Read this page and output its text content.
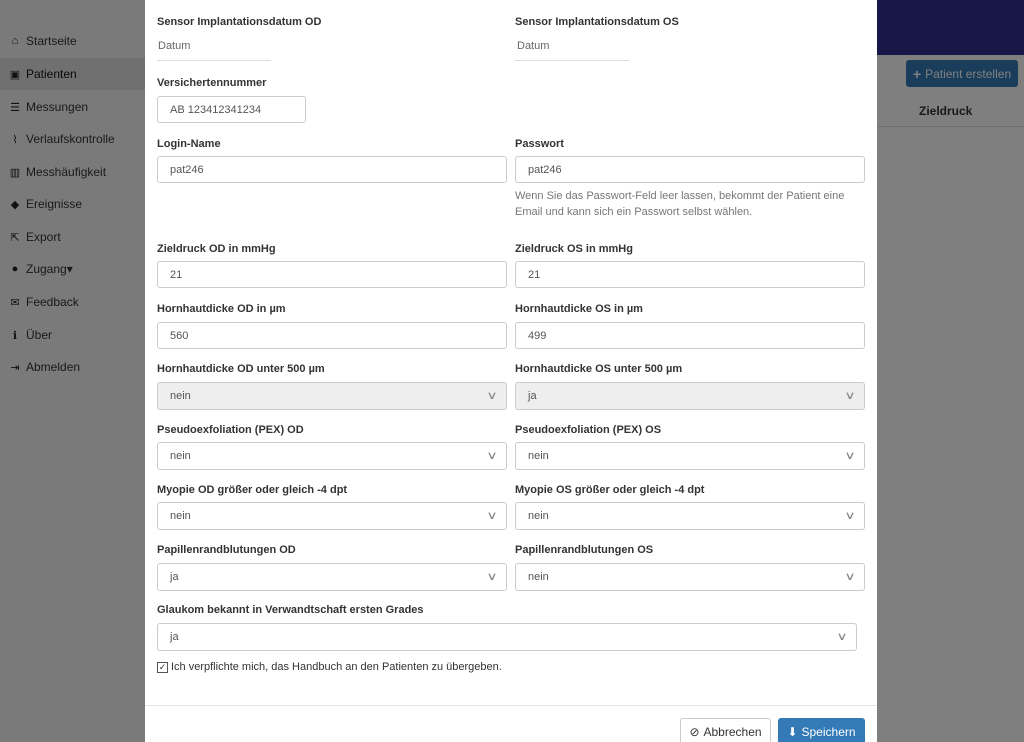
Sensor Implantationsdatum OD
Datum
Sensor Implantationsdatum OS
Datum
Versichertennummer
AB 123412341234
Login-Name
pat246
Passwort
pat246
Wenn Sie das Passwort-Feld leer lassen, bekommt der Patient eine
Email und kann sich ein Passwort selbst wählen.
Zieldruck OD in mmHg
21
Zieldruck OS in mmHg
21
Hornhautdicke OD in µm
560
Hornhautdicke OS in µm
499
Hornhautdicke OD unter 500 µm
nein	∨
Hornhautdicke OS unter 500 µm
ja	∨
Pseudoexfoliation (PEX) OD
nein	∨
Pseudoexfoliation (PEX) OS
nein	∨
Myopie OD größer oder gleich -4 dpt
nein	∨
Myopie OS größer oder gleich -4 dpt
nein	∨
Papillenrandblutungen OD
ja	∨
Papillenrandblutungen OS
nein	∨
Glaukom bekannt in Verwandtschaft ersten Grades
ja	∨
✓ Ich verpflichte mich, das Handbuch an den Patienten zu übergeben.
⊘ Abbrechen ⬇ Speichern
